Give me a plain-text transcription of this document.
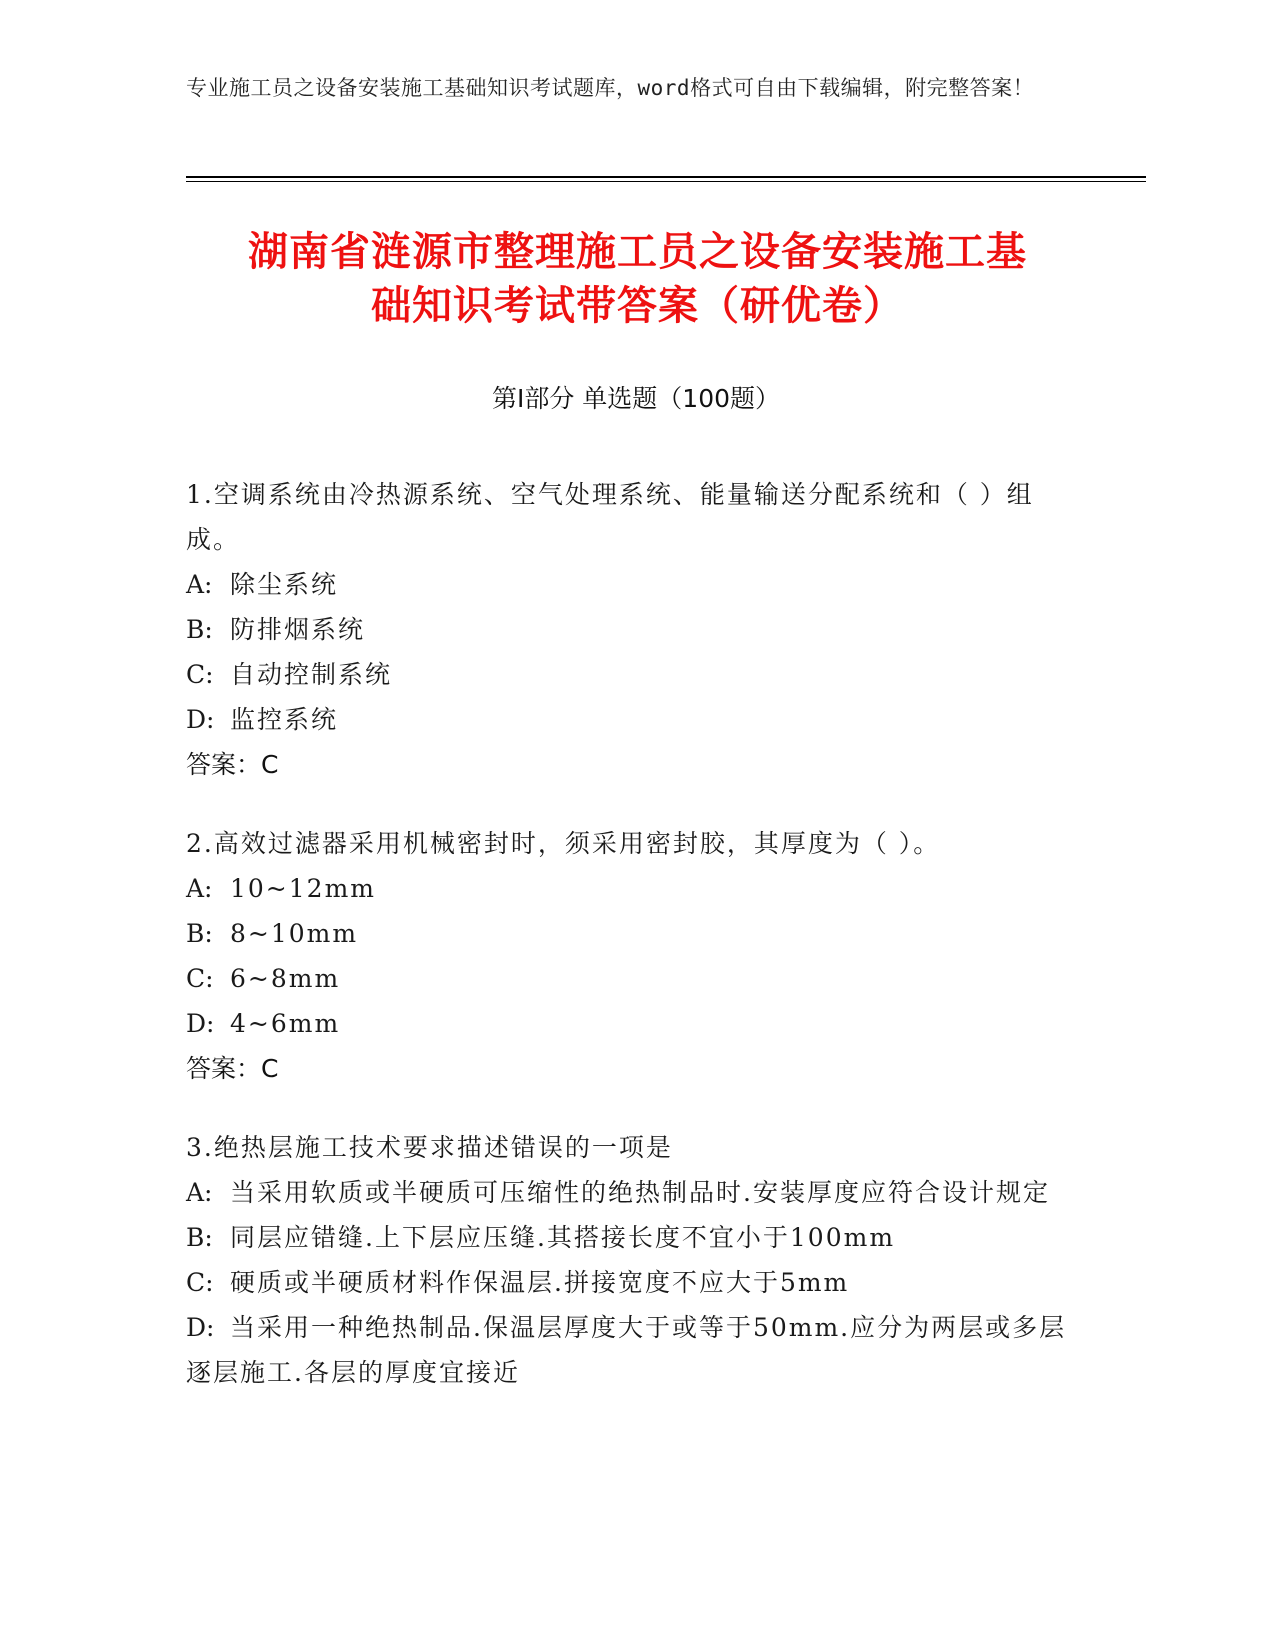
专业施工员之设备安装施工基础知识考试题库，word格式可自由下载编辑，附完整答案！
湖南省涟源市整理施工员之设备安装施工基
础知识考试带答案（研优卷）
第Ⅰ部分 单选题（100题）

1.空调系统由冷热源系统、空气处理系统、能量输送分配系统和（ ）组成。

A: 除尘系统

B: 防排烟系统

C: 自动控制系统

D: 监控系统

答案：C

2.高效过滤器采用机械密封时，须采用密封胶，其厚度为（ ）。

A: 10~12mm

B: 8~10mm

C: 6~8mm

D: 4~6mm

答案：C

3.绝热层施工技术要求描述错误的一项是

A: 当采用软质或半硬质可压缩性的绝热制品时.安装厚度应符合设计规定

B: 同层应错缝.上下层应压缝.其搭接长度不宜小于100mm

C: 硬质或半硬质材料作保温层.拼接宽度不应大于5mm

D: 当采用一种绝热制品.保温层厚度大于或等于50mm.应分为两层或多层逐层施工.各层的厚度宜接近
